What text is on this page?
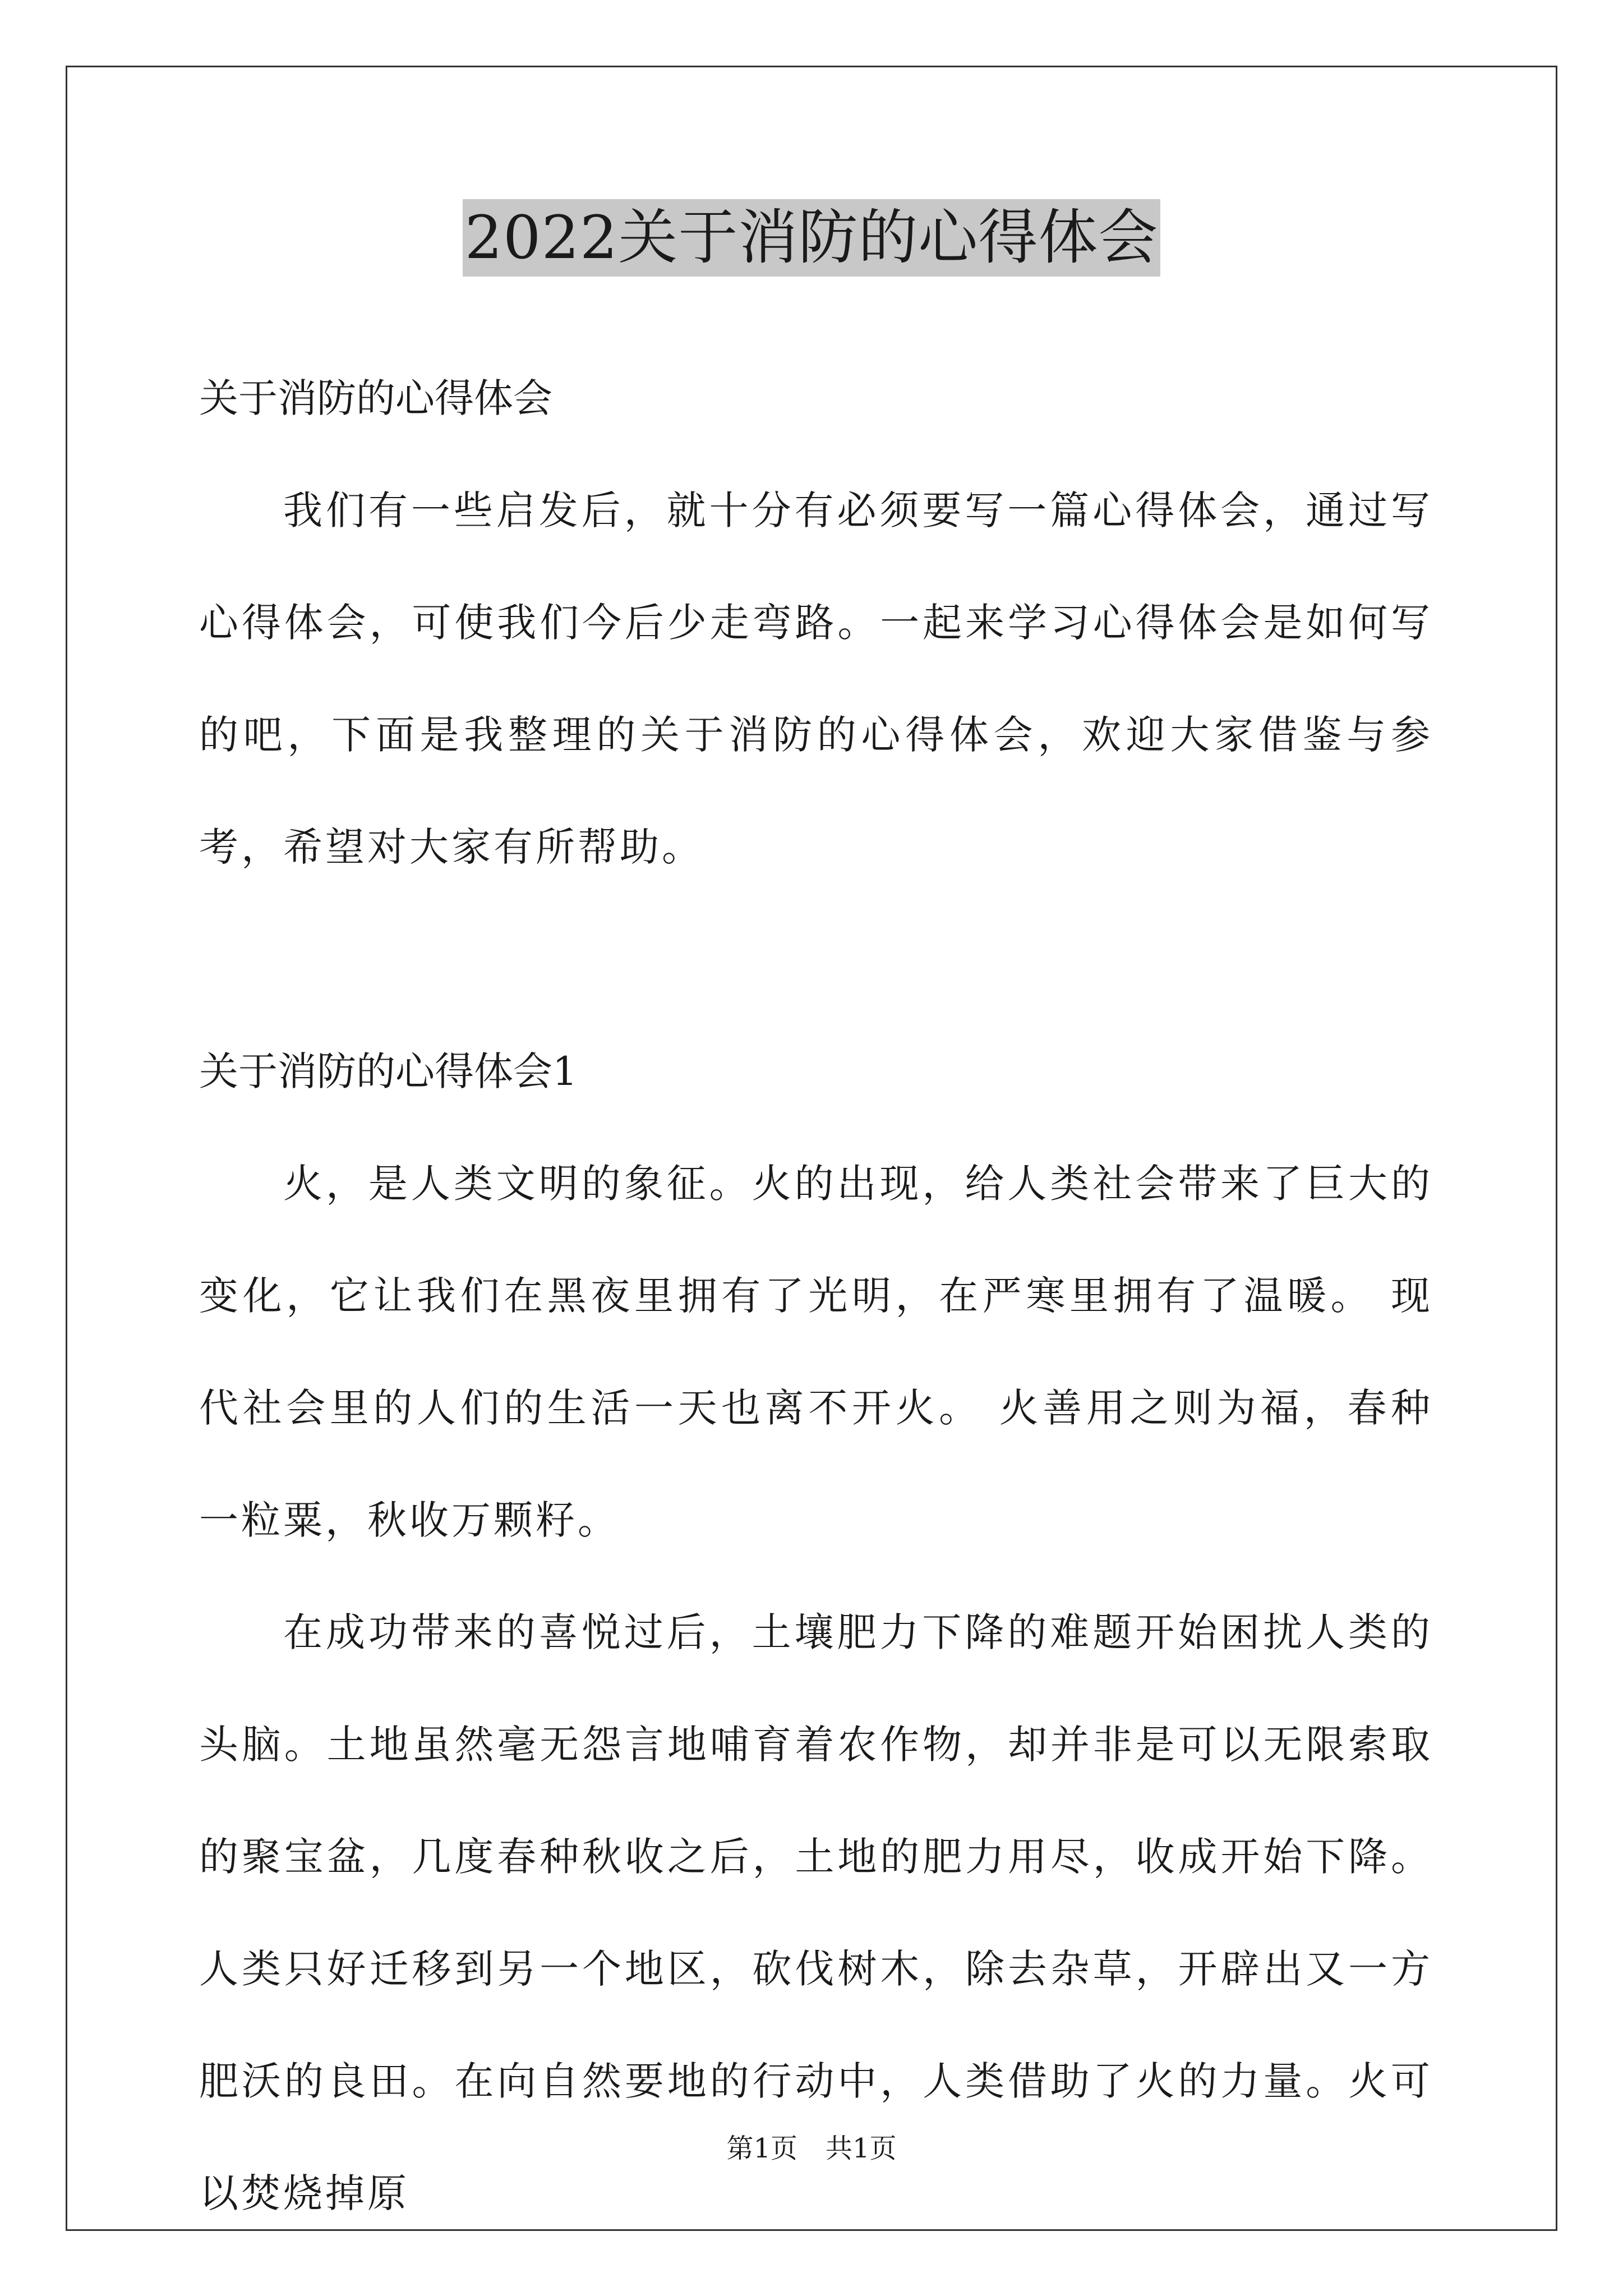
2022关于消防的心得体会

关于消防的心得体会

我们有一些启发后，就十分有必须要写一篇心得体会，通过写心得体会，可使我们今后少走弯路。一起来学习心得体会是如何写的吧，下面是我整理的关于消防的心得体会，欢迎大家借鉴与参考，希望对大家有所帮助。

关于消防的心得体会1

火，是人类文明的象征。火的出现，给人类社会带来了巨大的变化，它让我们在黑夜里拥有了光明，在严寒里拥有了温暖。 现代社会里的人们的生活一天也离不开火。 火善用之则为福，春种一粒粟，秋收万颗籽。

在成功带来的喜悦过后，土壤肥力下降的难题开始困扰人类的头脑。土地虽然毫无怨言地哺育着农作物，却并非是可以无限索取的聚宝盆，几度春种秋收之后，土地的肥力用尽，收成开始下降。人类只好迁移到另一个地区，砍伐树木，除去杂草，开辟出又一方肥沃的良田。在向自然要地的行动中，人类借助了火的力量。火可以焚烧掉原

第1页 共1页
